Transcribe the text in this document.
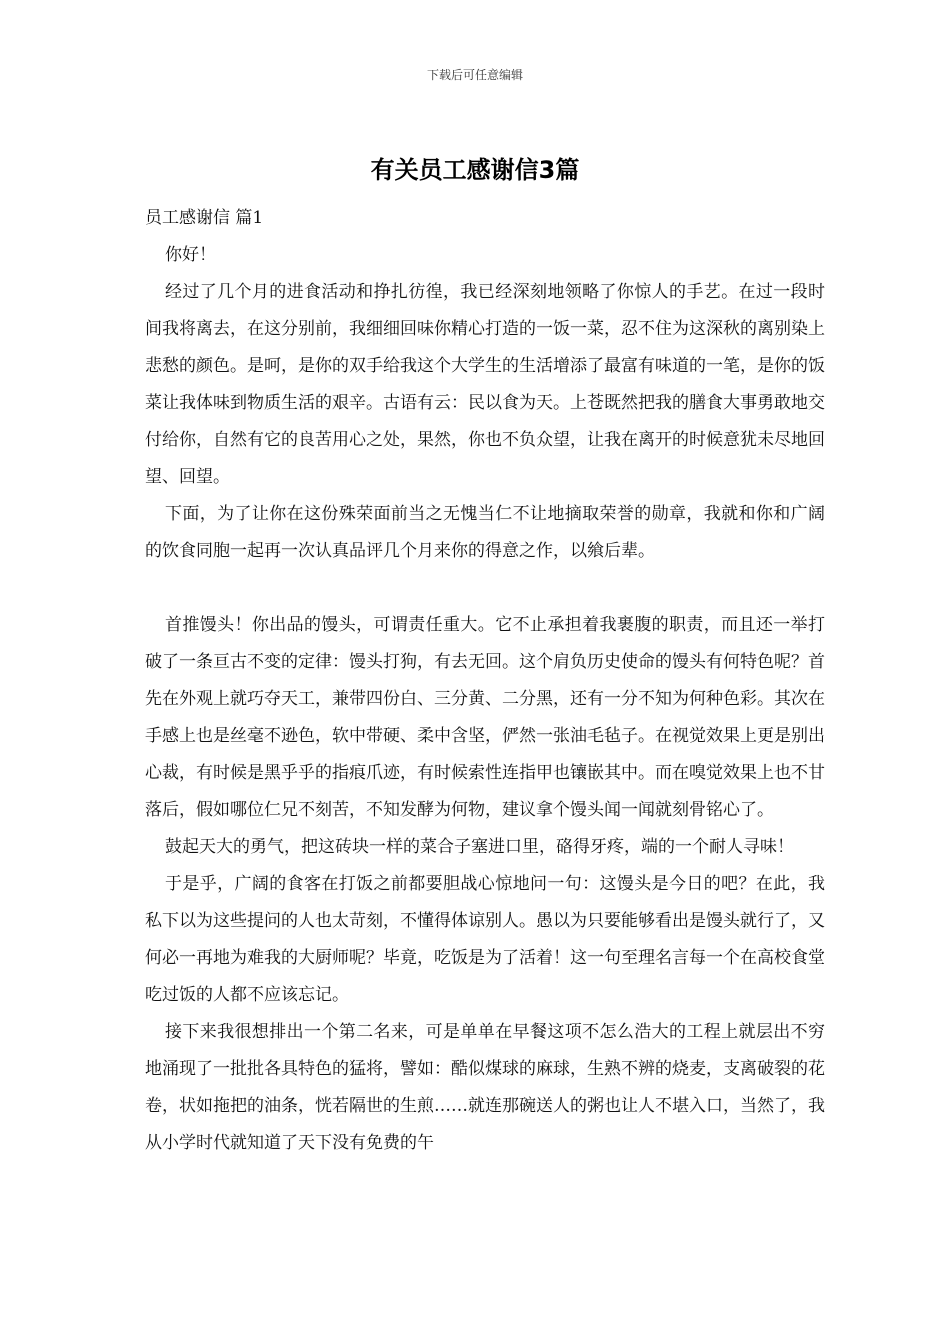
下载后可任意编辑
有关员工感谢信3篇

员工感谢信 篇1

你好！

经过了几个月的进食活动和挣扎彷徨，我已经深刻地领略了你惊人的手艺。在过一段时间我将离去，在这分别前，我细细回味你精心打造的一饭一菜，忍不住为这深秋的离别染上悲愁的颜色。是呵，是你的双手给我这个大学生的生活增添了最富有味道的一笔，是你的饭菜让我体味到物质生活的艰辛。古语有云：民以食为天。上苍既然把我的膳食大事勇敢地交付给你，自然有它的良苦用心之处，果然，你也不负众望，让我在离开的时候意犹未尽地回望、回望。

下面，为了让你在这份殊荣面前当之无愧当仁不让地摘取荣誉的勋章，我就和你和广阔的饮食同胞一起再一次认真品评几个月来你的得意之作，以飨后辈。

首推馒头！你出品的馒头，可谓责任重大。它不止承担着我裹腹的职责，而且还一举打破了一条亘古不变的定律：馒头打狗，有去无回。这个肩负历史使命的馒头有何特色呢？首先在外观上就巧夺天工，兼带四份白、三分黄、二分黑，还有一分不知为何种色彩。其次在手感上也是丝毫不逊色，软中带硬、柔中含坚，俨然一张油毛毡子。在视觉效果上更是别出心裁，有时候是黑乎乎的指痕爪迹，有时候索性连指甲也镶嵌其中。而在嗅觉效果上也不甘落后，假如哪位仁兄不刻苦，不知发酵为何物，建议拿个馒头闻一闻就刻骨铭心了。

鼓起天大的勇气，把这砖块一样的菜合子塞进口里，硌得牙疼，端的一个耐人寻味！

于是乎，广阔的食客在打饭之前都要胆战心惊地问一句：这馒头是今日的吧？在此，我私下以为这些提问的人也太苛刻，不懂得体谅别人。愚以为只要能够看出是馒头就行了，又何必一再地为难我的大厨师呢？毕竟，吃饭是为了活着！这一句至理名言每一个在高校食堂吃过饭的人都不应该忘记。

接下来我很想排出一个第二名来，可是单单在早餐这项不怎么浩大的工程上就层出不穷地涌现了一批批各具特色的猛将，譬如：酷似煤球的麻球，生熟不辨的烧麦，支离破裂的花卷，状如拖把的油条，恍若隔世的生煎……就连那碗送人的粥也让人不堪入口，当然了，我从小学时代就知道了天下没有免费的午
